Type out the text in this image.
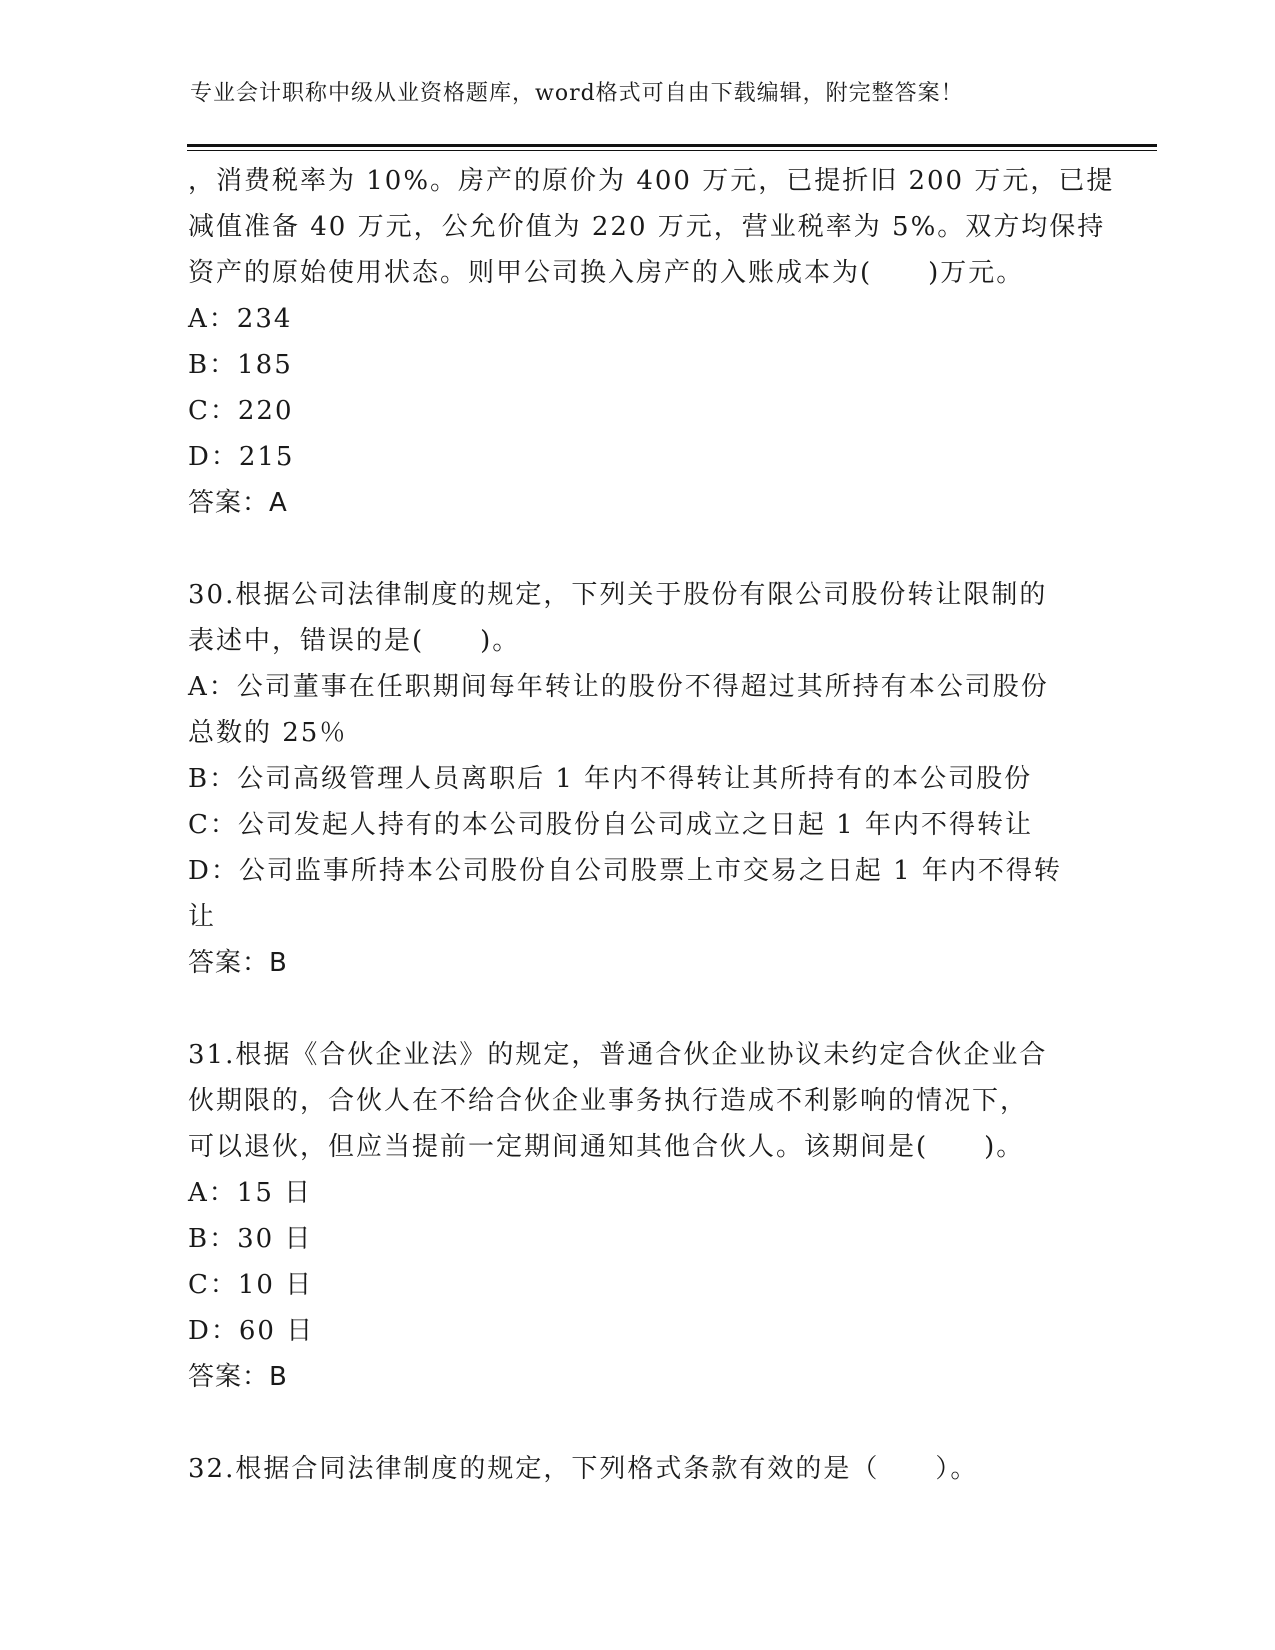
专业会计职称中级从业资格题库，word格式可自由下载编辑，附完整答案！
，消费税率为 10%。房产的原价为 400 万元，已提折旧 200 万元，已提
减值准备 40 万元，公允价值为 220 万元，营业税率为 5%。双方均保持
资产的原始使用状态。则甲公司换入房产的入账成本为(　　)万元。
A：234
B：185
C：220
D：215
答案：A
30.根据公司法律制度的规定，下列关于股份有限公司股份转让限制的
表述中，错误的是(　　)。
A：公司董事在任职期间每年转让的股份不得超过其所持有本公司股份
总数的 25％
B：公司高级管理人员离职后 1 年内不得转让其所持有的本公司股份
C：公司发起人持有的本公司股份自公司成立之日起 1 年内不得转让
D：公司监事所持本公司股份自公司股票上市交易之日起 1 年内不得转
让
答案：B
31.根据《合伙企业法》的规定，普通合伙企业协议未约定合伙企业合
伙期限的，合伙人在不给合伙企业事务执行造成不利影响的情况下，
可以退伙，但应当提前一定期间通知其他合伙人。该期间是(　　)。
A：15 日
B：30 日
C：10 日
D：60 日
答案：B
32.根据合同法律制度的规定，下列格式条款有效的是（　　）。
